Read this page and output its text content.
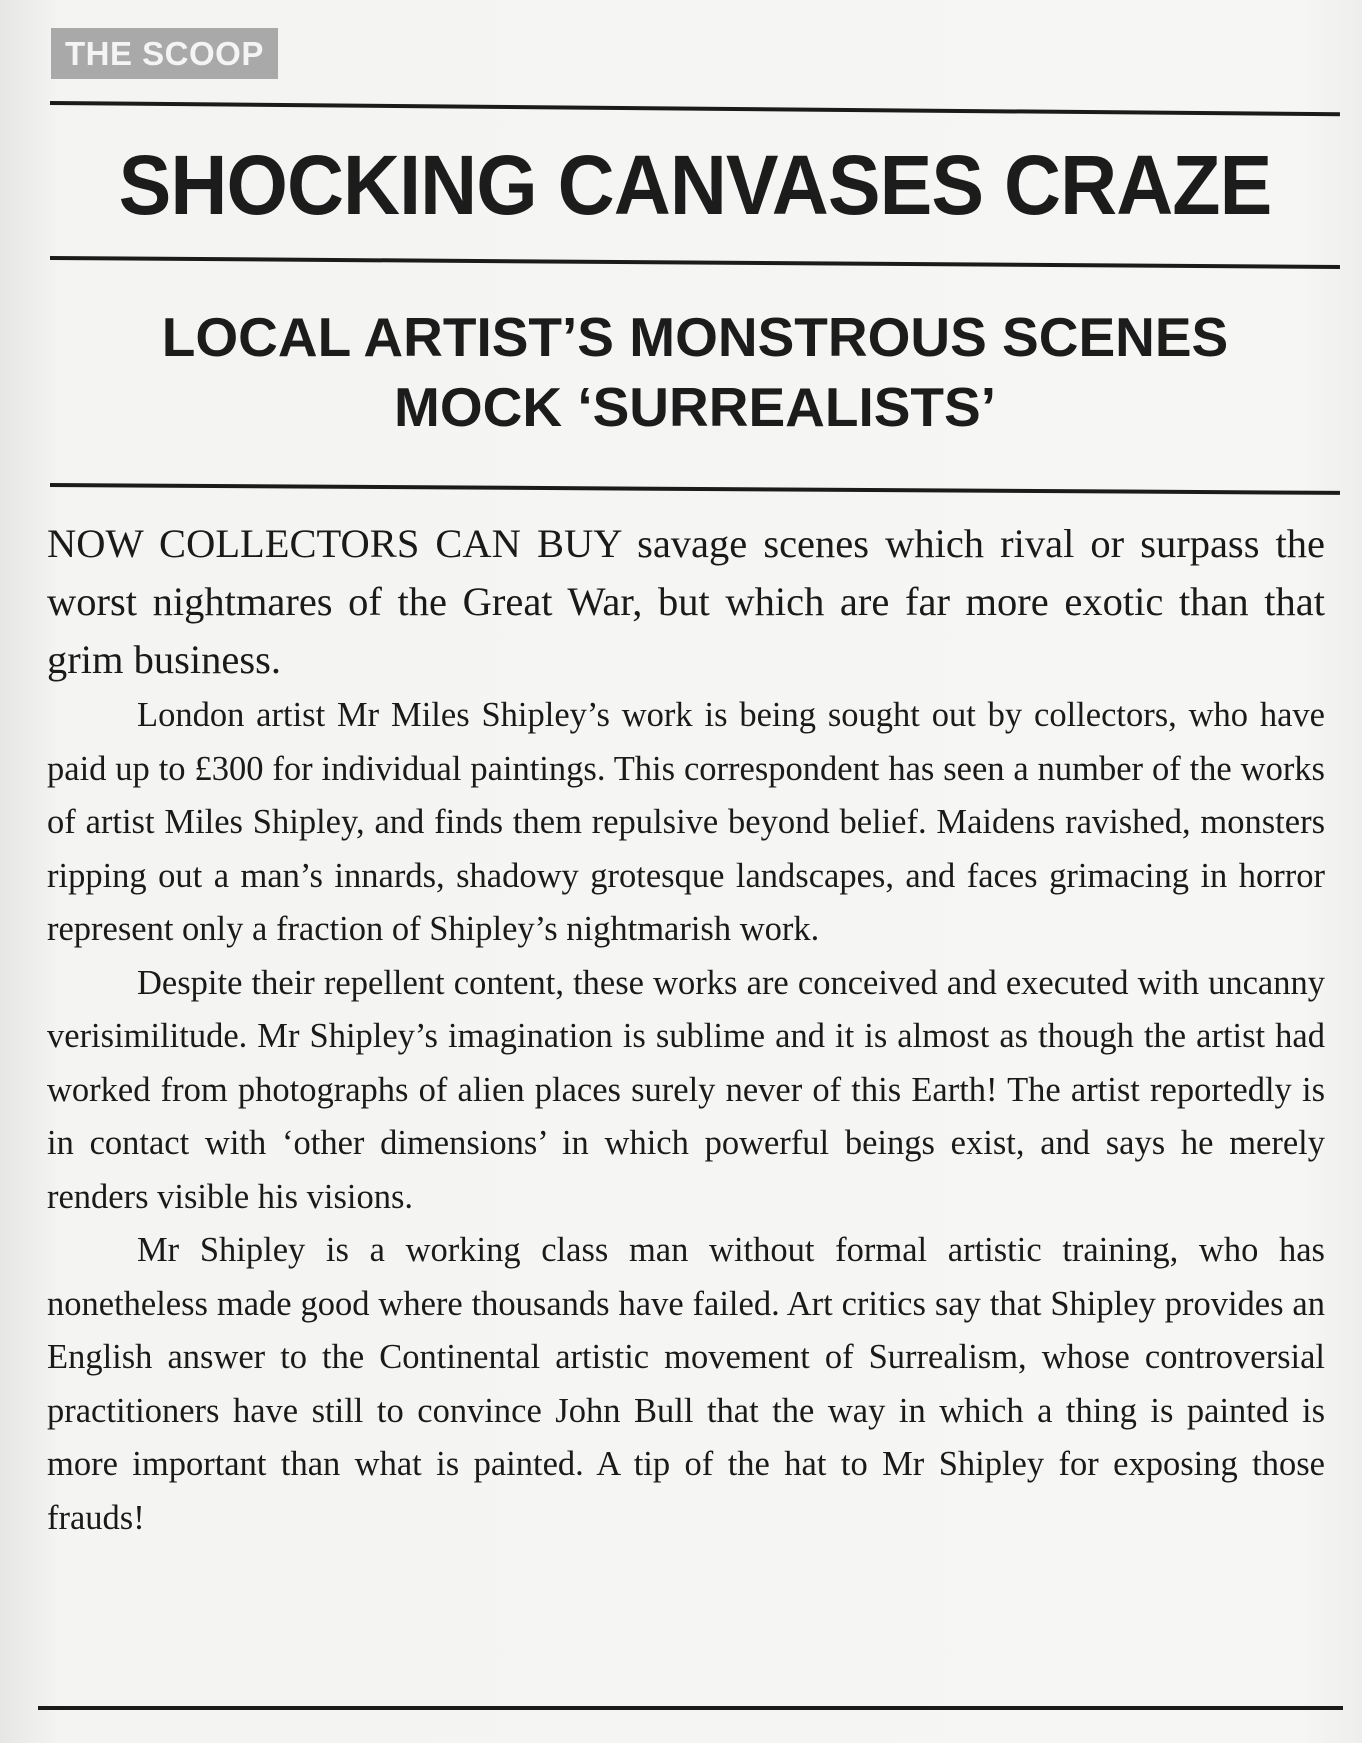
THE SCOOP
SHOCKING CANVASES CRAZE
LOCAL ARTIST’S MONSTROUS SCENES
MOCK ‘SURREALISTS’

NOW COLLECTORS CAN BUY savage scenes which rival or surpass the worst nightmares of the Great War, but which are far more exotic than that grim business.

London artist Mr Miles Shipley’s work is being sought out by collectors, who have paid up to £300 for individual paintings. This correspondent has seen a number of the works of artist Miles Shipley, and finds them repulsive beyond belief. Maidens ravished, monsters ripping out a man’s innards, shadowy grotesque landscapes, and faces grimacing in horror represent only a fraction of Shipley’s nightmarish work.

Despite their repellent content, these works are conceived and executed with uncanny verisimilitude. Mr Shipley’s imagination is sublime and it is almost as though the artist had worked from photographs of alien places surely never of this Earth! The artist reportedly is in contact with ‘other dimensions’ in which powerful beings exist, and says he merely renders visible his visions.

Mr Shipley is a working class man without formal artistic training, who has nonetheless made good where thousands have failed. Art critics say that Shipley provides an English answer to the Continental artistic movement of Surrealism, whose controversial practitioners have still to convince John Bull that the way in which a thing is painted is more important than what is painted. A tip of the hat to Mr Shipley for exposing those frauds!
